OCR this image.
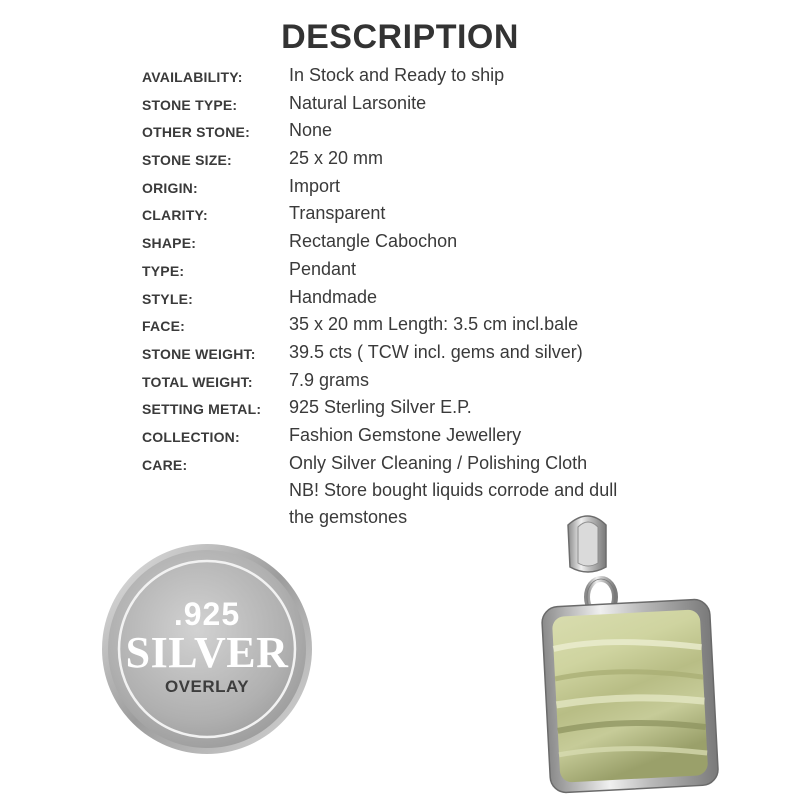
DESCRIPTION
AVAILABILITY:	In Stock and Ready to ship
STONE TYPE:	Natural Larsonite
OTHER STONE:	None
STONE SIZE:	25 x 20 mm
ORIGIN:	Import
CLARITY:	Transparent
SHAPE:	Rectangle Cabochon
TYPE:	Pendant
STYLE:	Handmade
FACE:	35 x 20 mm Length: 3.5 cm incl.bale
STONE WEIGHT:	39.5 cts ( TCW incl. gems and silver)
TOTAL WEIGHT:	7.9 grams
SETTING METAL:	925 Sterling Silver E.P.
COLLECTION:	Fashion Gemstone Jewellery
CARE:	Only Silver Cleaning / Polishing Cloth
NB! Store bought liquids corrode and dull
the gemstones
.925
SILVER
OVERLAY
